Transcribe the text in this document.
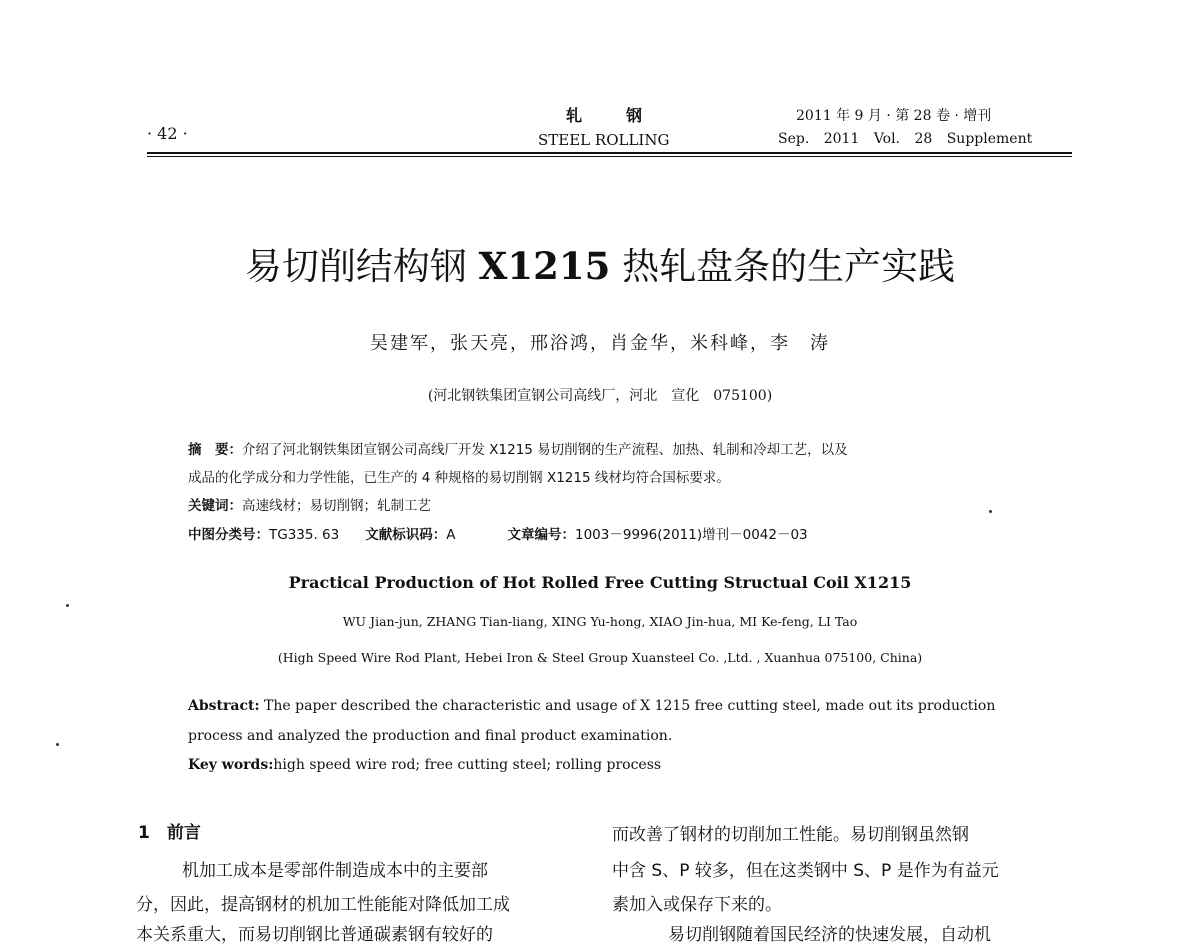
· 42 ·
轧钢
STEEL ROLLING
2011 年 9 月 · 第 28 卷 · 增刊
Sep. 2011 Vol. 28 Supplement
易切削结构钢 X1215 热轧盘条的生产实践
吴建军，张天亮，邢浴鸿，肖金华，米科峰，李　涛
(河北钢铁集团宣钢公司高线厂，河北　宣化　075100)
摘　要：介绍了河北钢铁集团宣钢公司高线厂开发 X1215 易切削钢的生产流程、加热、轧制和冷却工艺，以及
成品的化学成分和力学性能，已生产的 4 种规格的易切削钢 X1215 线材均符合国标要求。
关键词：高速线材；易切削钢；轧制工艺
中图分类号：TG335. 63 文献标识码：A	文章编号：1003－9996(2011)增刊－0042－03
Practical Production of Hot Rolled Free Cutting Structual Coil X1215
WU Jian-jun, ZHANG Tian-liang, XING Yu-hong, XIAO Jin-hua, MI Ke-feng, LI Tao
(High Speed Wire Rod Plant, Hebei Iron & Steel Group Xuansteel Co. ,Ltd. , Xuanhua 075100, China)
Abstract: The paper described the characteristic and usage of X 1215 free cutting steel, made out its production
process and analyzed the production and final product examination.
Key words:high speed wire rod; free cutting steel; rolling process
1　前言
机加工成本是零部件制造成本中的主要部
分，因此，提高钢材的机加工性能能对降低加工成
本关系重大，而易切削钢比普通碳素钢有较好的
而改善了钢材的切削加工性能。易切削钢虽然钢
中含 S、P 较多，但在这类钢中 S、P 是作为有益元
素加入或保存下来的。
易切削钢随着国民经济的快速发展，自动机
